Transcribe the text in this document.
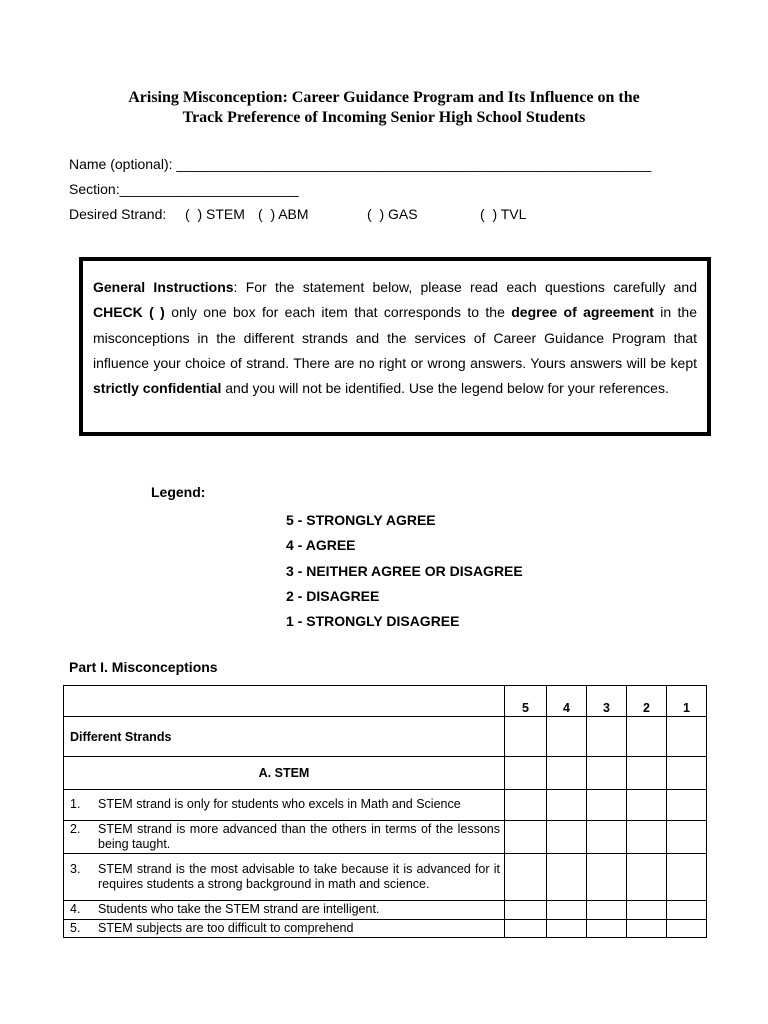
Arising Misconception: Career Guidance Program and Its Influence on the
Track Preference of Incoming Senior High School Students
Name (optional): _____________________________________________________________
Section:_______________________
Desired Strand: (  ) STEM (  ) ABM	(  ) GAS	(  ) TVL
General Instructions: For the statement below, please read each questions carefully and CHECK ( ) only one box for each item that corresponds to the degree of agreement in the misconceptions in the different strands and the services of Career Guidance Program that influence your choice of strand. There are no right or wrong answers. Yours answers will be kept strictly confidential and you will not be identified. Use the legend below for your references.
Legend:
5 - STRONGLY AGREE
4 - AGREE
3 - NEITHER AGREE OR DISAGREE
2 - DISAGREE
1 - STRONGLY DISAGREE
Part I. Misconceptions
	5	4	3	2	1
Different Strands					
A. STEM					

1. STEM strand is only for students who excels in Math and Science					

2. STEM strand is more advanced than the others in terms of the lessons being taught.					

3. STEM strand is the most advisable to take because it is advanced for it requires students a strong background in math and science.					

4. Students who take the STEM strand are intelligent.					

5. STEM subjects are too difficult to comprehend					
